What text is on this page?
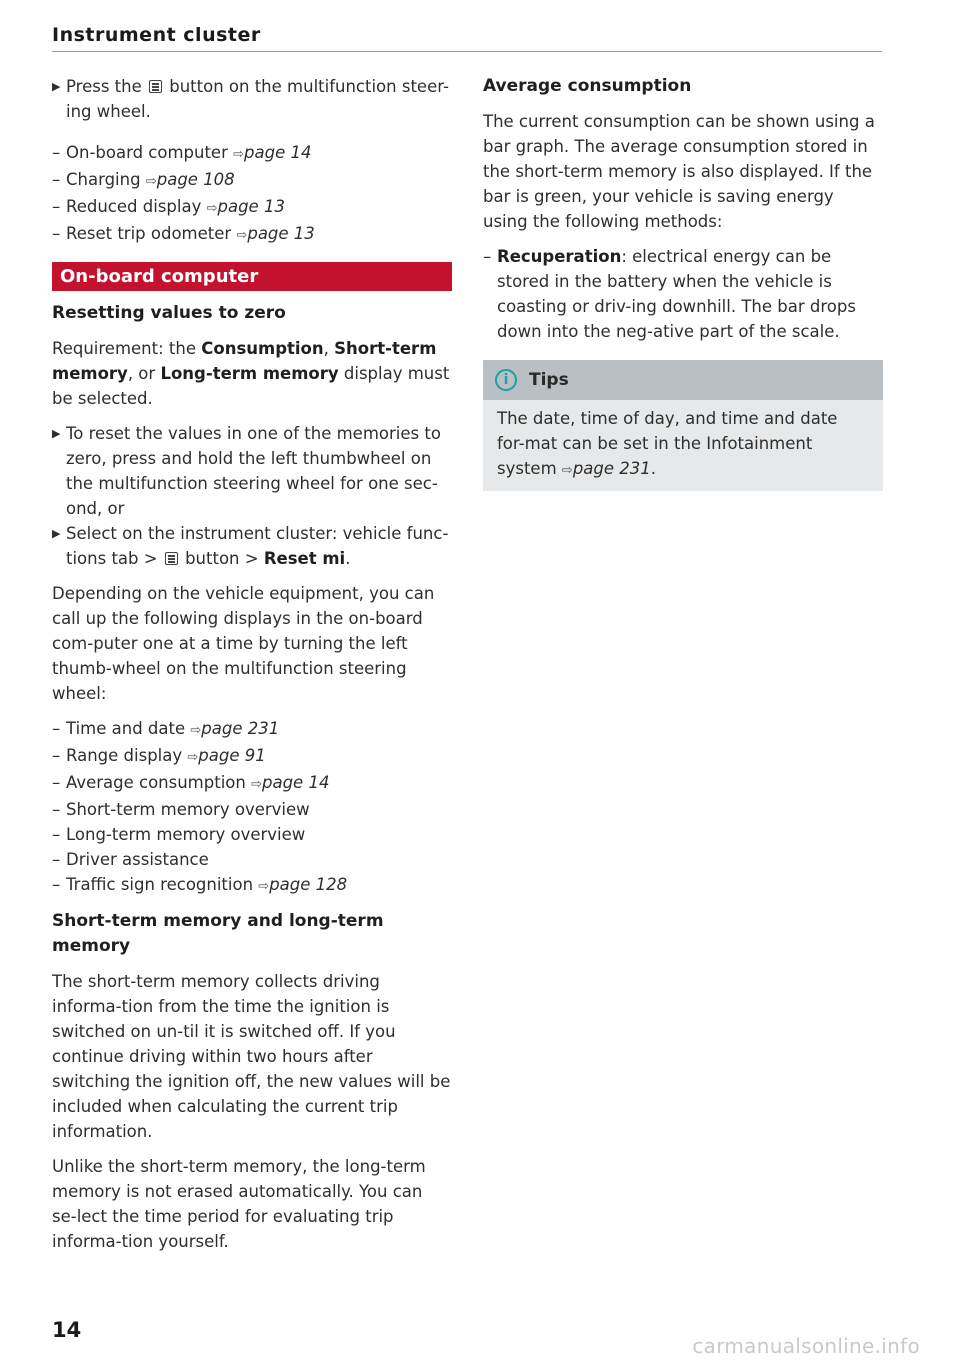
Instrument cluster
▶ Press the button on the multifunction steer-ing wheel.
– On-board computer ⇨page 14
– Charging ⇨page 108
– Reduced display ⇨page 13
– Reset trip odometer ⇨page 13
On-board computer
Resetting values to zero

Requirement: the Consumption, Short-term memory, or Long-term memory display must be selected.

▶ To reset the values in one of the memories to zero, press and hold the left thumbwheel on the multifunction steering wheel for one sec-ond, or
▶ Select on the instrument cluster: vehicle func-tions tab > button > Reset mi.

Depending on the vehicle equipment, you can call up the following displays in the on-board com-puter one at a time by turning the left thumb-wheel on the multifunction steering wheel:

– Time and date ⇨page 231
– Range display ⇨page 91
– Average consumption ⇨page 14
– Short-term memory overview
– Long-term memory overview
– Driver assistance
– Traffic sign recognition ⇨page 128
Short-term memory and long-term memory

The short-term memory collects driving informa-tion from the time the ignition is switched on un-til it is switched off. If you continue driving within two hours after switching the ignition off, the new values will be included when calculating the current trip information.

Unlike the short-term memory, the long-term memory is not erased automatically. You can se-lect the time period for evaluating trip informa-tion yourself.

Average consumption

The current consumption can be shown using a bar graph. The average consumption stored in the short-term memory is also displayed. If the bar is green, your vehicle is saving energy using the following methods:

– Recuperation: electrical energy can be stored in the battery when the vehicle is coasting or driv-ing downhill. The bar drops down into the neg-ative part of the scale.
i	Tips

The date, time of day, and time and date for-mat can be set in the Infotainment system ⇨page 231.

14
carmanualsonline.info
